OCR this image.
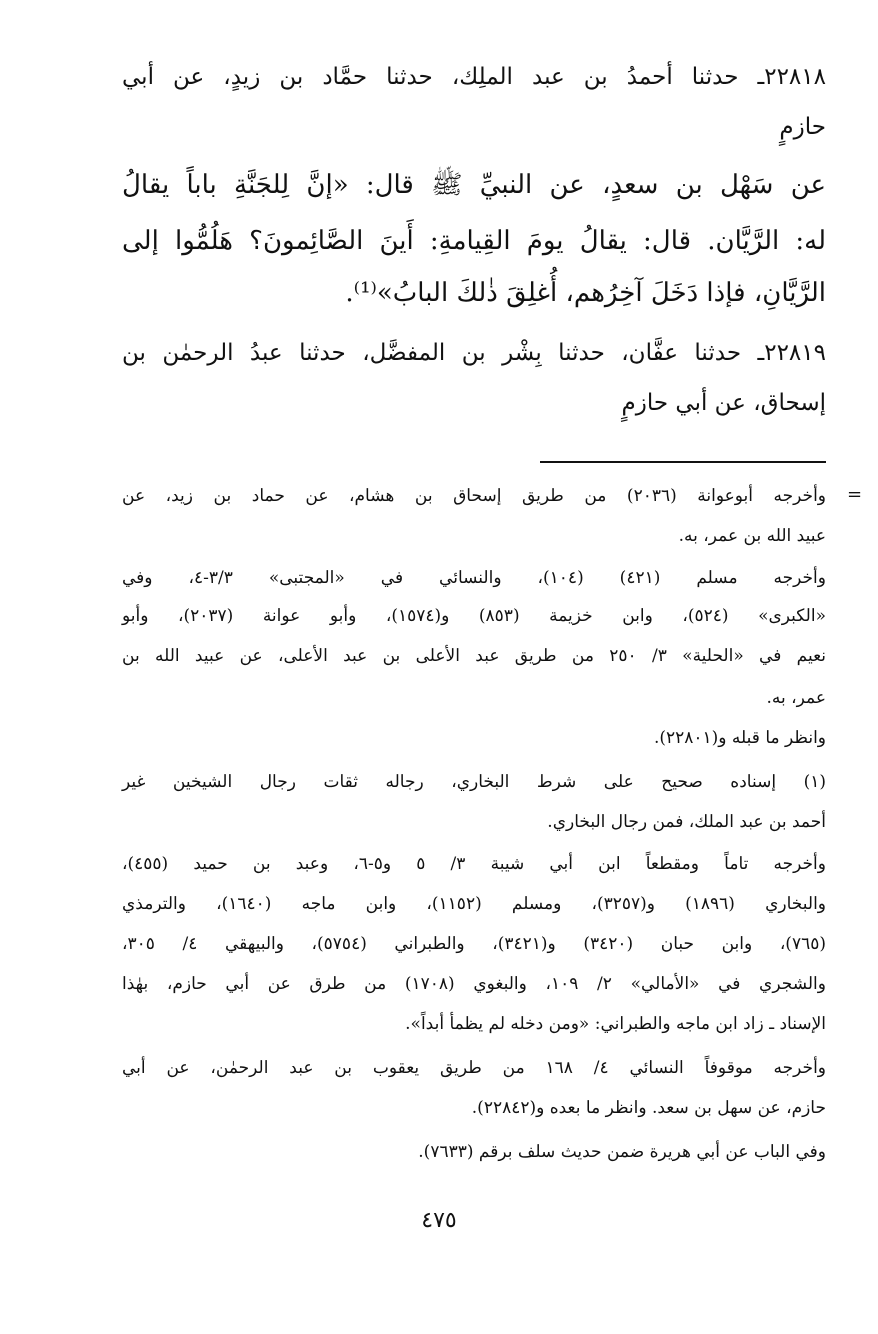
٢٢٨١٨ـ حدثنا أحمدُ بن عبد الملِك، حدثنا حمَّاد بن زيدٍ، عن أبي
حازمٍ
عن سَهْل بن سعدٍ، عن النبيِّ ﷺ قال: «إنَّ لِلجَنَّةِ باباً يقالُ
له: الرَّيَّان. قال: يقالُ يومَ القِيامةِ: أَينَ الصَّائِمونَ؟ هَلُمُّوا إلى
الرَّيَّانِ، فإذا دَخَلَ آخِرُهم، أُغلِقَ ذٰلكَ البابُ»⁽¹⁾.
٢٢٨١٩ـ حدثنا عفَّان، حدثنا بِشْر بن المفضَّل، حدثنا عبدُ الرحمٰن بن
إسحاق، عن أبي حازمٍ
=
وأخرجه أبوعوانة (٢٠٣٦) من طريق إسحاق بن هشام، عن حماد بن زيد، عن
عبيد الله بن عمر، به.
وأخرجه مسلم (٤٢١) (١٠٤)، والنسائي في «المجتبى» ٣/٣-٤، وفي
«الكبرى» (٥٢٤)، وابن خزيمة (٨٥٣) و(١٥٧٤)، وأبو عوانة (٢٠٣٧)، وأبو
نعيم في «الحلية» ٣/ ٢٥٠ من طريق عبد الأعلى بن عبد الأعلى، عن عبيد الله بن
عمر، به.
وانظر ما قبله و(٢٢٨٠١).
(١) إسناده صحيح على شرط البخاري، رجاله ثقات رجال الشيخين غير
أحمد بن عبد الملك، فمن رجال البخاري.
وأخرجه تاماً ومقطعاً ابن أبي شيبة ٣/ ٥ و٥-٦، وعبد بن حميد (٤٥٥)،
والبخاري (١٨٩٦) و(٣٢٥٧)، ومسلم (١١٥٢)، وابن ماجه (١٦٤٠)، والترمذي
(٧٦٥)، وابن حبان (٣٤٢٠) و(٣٤٢١)، والطبراني (٥٧٥٤)، والبيهقي ٤/ ٣٠٥،
والشجري في «الأمالي» ٢/ ١٠٩، والبغوي (١٧٠٨) من طرق عن أبي حازم، بهٰذا
الإسناد ـ زاد ابن ماجه والطبراني: «ومن دخله لم يظمأ أبداً».
وأخرجه موقوفاً النسائي ٤/ ١٦٨ من طريق يعقوب بن عبد الرحمٰن، عن أبي
حازم، عن سهل بن سعد. وانظر ما بعده و(٢٢٨٤٢).
وفي الباب عن أبي هريرة ضمن حديث سلف برقم (٧٦٣٣).
٤٧٥
